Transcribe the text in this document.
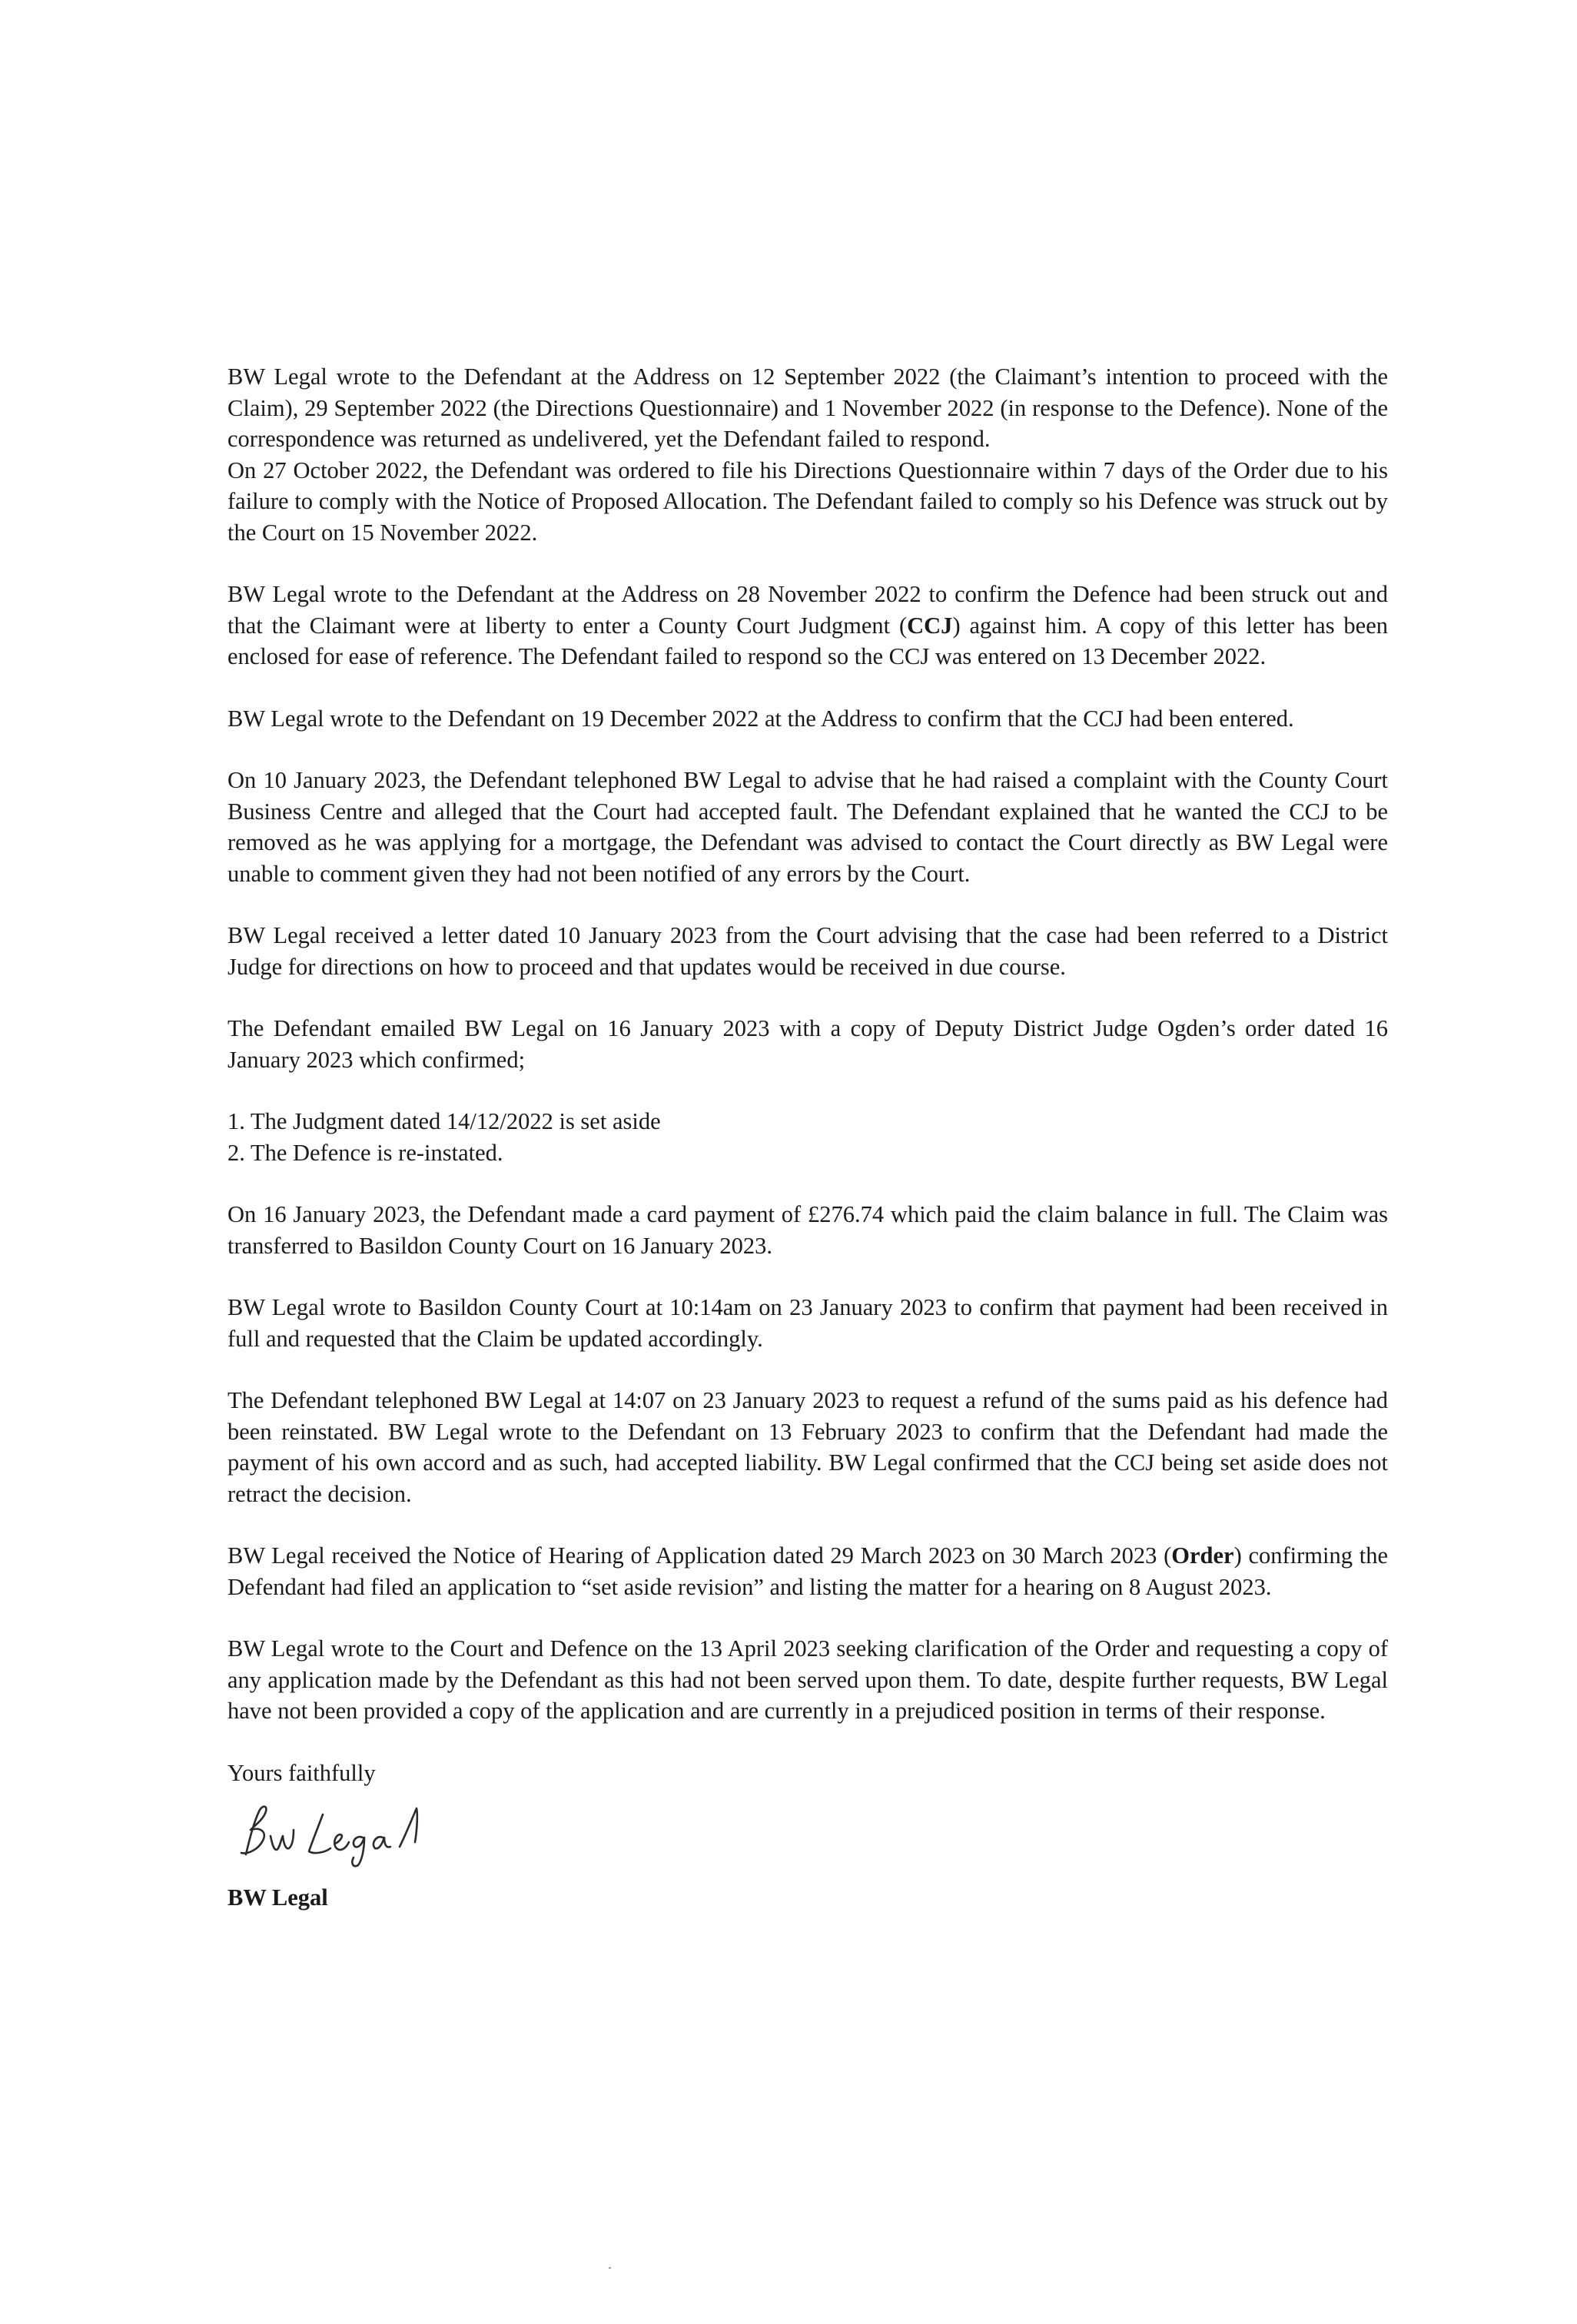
BW Legal wrote to the Defendant at the Address on 12 September 2022 (the Claimant’s intention to proceed with the Claim), 29 September 2022 (the Directions Questionnaire) and 1 November 2022 (in response to the Defence). None of the correspondence was returned as undelivered, yet the Defendant failed to respond.

On 27 October 2022, the Defendant was ordered to file his Directions Questionnaire within 7 days of the Order due to his failure to comply with the Notice of Proposed Allocation. The Defendant failed to comply so his Defence was struck out by the Court on 15 November 2022.

BW Legal wrote to the Defendant at the Address on 28 November 2022 to confirm the Defence had been struck out and that the Claimant were at liberty to enter a County Court Judgment (CCJ) against him. A copy of this letter has been enclosed for ease of reference. The Defendant failed to respond so the CCJ was entered on 13 December 2022.

BW Legal wrote to the Defendant on 19 December 2022 at the Address to confirm that the CCJ had been entered.

On 10 January 2023, the Defendant telephoned BW Legal to advise that he had raised a complaint with the County Court Business Centre and alleged that the Court had accepted fault. The Defendant explained that he wanted the CCJ to be removed as he was applying for a mortgage, the Defendant was advised to contact the Court directly as BW Legal were unable to comment given they had not been notified of any errors by the Court.

BW Legal received a letter dated 10 January 2023 from the Court advising that the case had been referred to a District Judge for directions on how to proceed and that updates would be received in due course.

The Defendant emailed BW Legal on 16 January 2023 with a copy of Deputy District Judge Ogden’s order dated 16 January 2023 which confirmed;

1. The Judgment dated 14/12/2022 is set aside
2. The Defence is re-instated.

On 16 January 2023, the Defendant made a card payment of £276.74 which paid the claim balance in full. The Claim was transferred to Basildon County Court on 16 January 2023.

BW Legal wrote to Basildon County Court at 10:14am on 23 January 2023 to confirm that payment had been received in full and requested that the Claim be updated accordingly.

The Defendant telephoned BW Legal at 14:07 on 23 January 2023 to request a refund of the sums paid as his defence had been reinstated. BW Legal wrote to the Defendant on 13 February 2023 to confirm that the Defendant had made the payment of his own accord and as such, had accepted liability. BW Legal confirmed that the CCJ being set aside does not retract the decision.

BW Legal received the Notice of Hearing of Application dated 29 March 2023 on 30 March 2023 (Order) confirming the Defendant had filed an application to “set aside revision” and listing the matter for a hearing on 8 August 2023.

BW Legal wrote to the Court and Defence on the 13 April 2023 seeking clarification of the Order and requesting a copy of any application made by the Defendant as this had not been served upon them. To date, despite further requests, BW Legal have not been provided a copy of the application and are currently in a prejudiced position in terms of their response.

Yours faithfully

BW Legal
